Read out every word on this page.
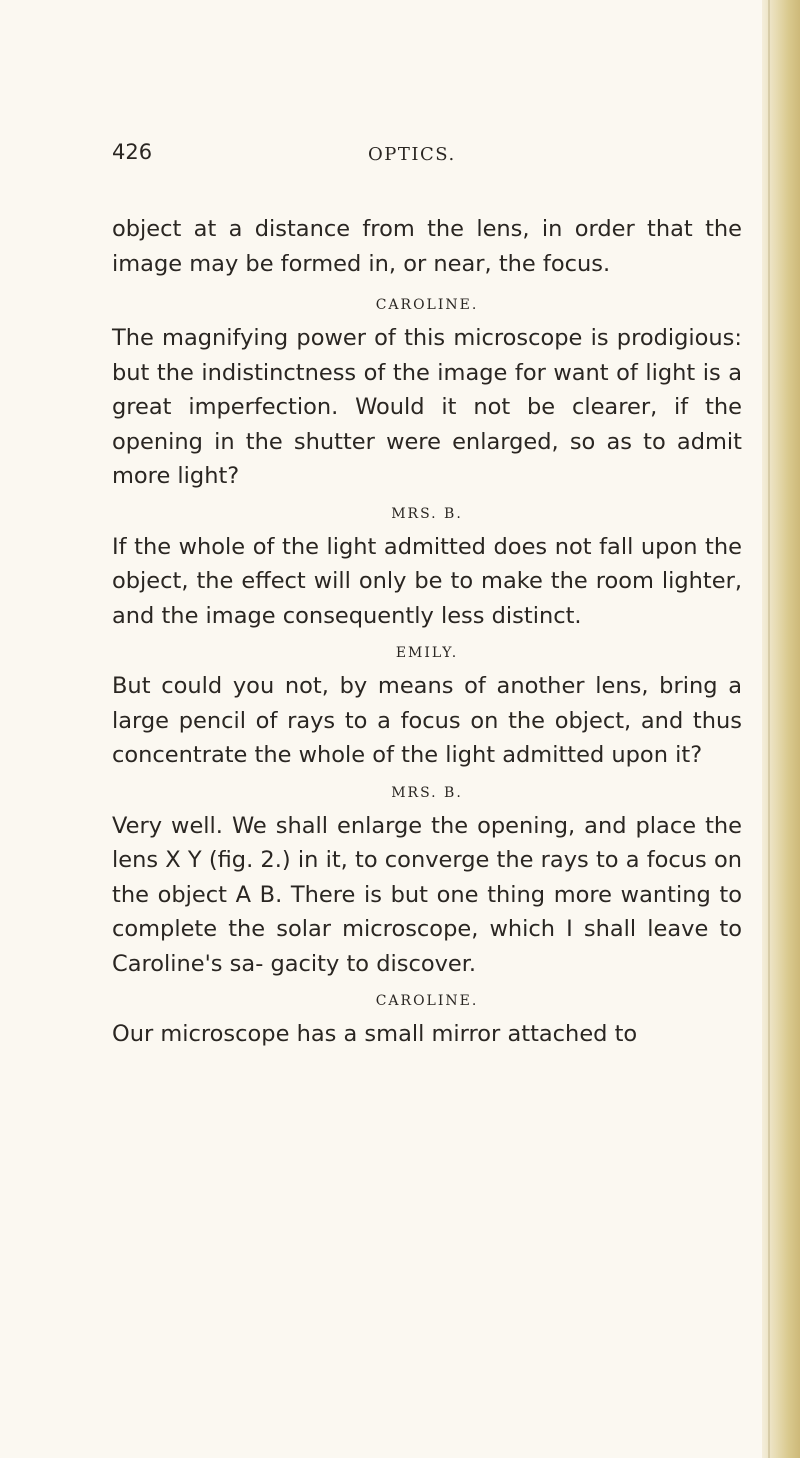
426	OPTICS.

object at a distance from the lens, in order that the image may be formed in, or near, the focus.

CAROLINE.

The magnifying power of this microscope is prodigious: but the indistinctness of the image for want of light is a great imperfection. Would it not be clearer, if the opening in the shutter were enlarged, so as to admit more light?

MRS. B.

If the whole of the light admitted does not fall upon the object, the effect will only be to make the room lighter, and the image consequently less distinct.

EMILY.

But could you not, by means of another lens, bring a large pencil of rays to a focus on the object, and thus concentrate the whole of the light admitted upon it?

MRS. B.

Very well. We shall enlarge the opening, and place the lens X Y (fig. 2.) in it, to converge the rays to a focus on the object A B. There is but one thing more wanting to complete the solar microscope, which I shall leave to Caroline's sa- gacity to discover.

CAROLINE.

Our microscope has a small mirror attached to
